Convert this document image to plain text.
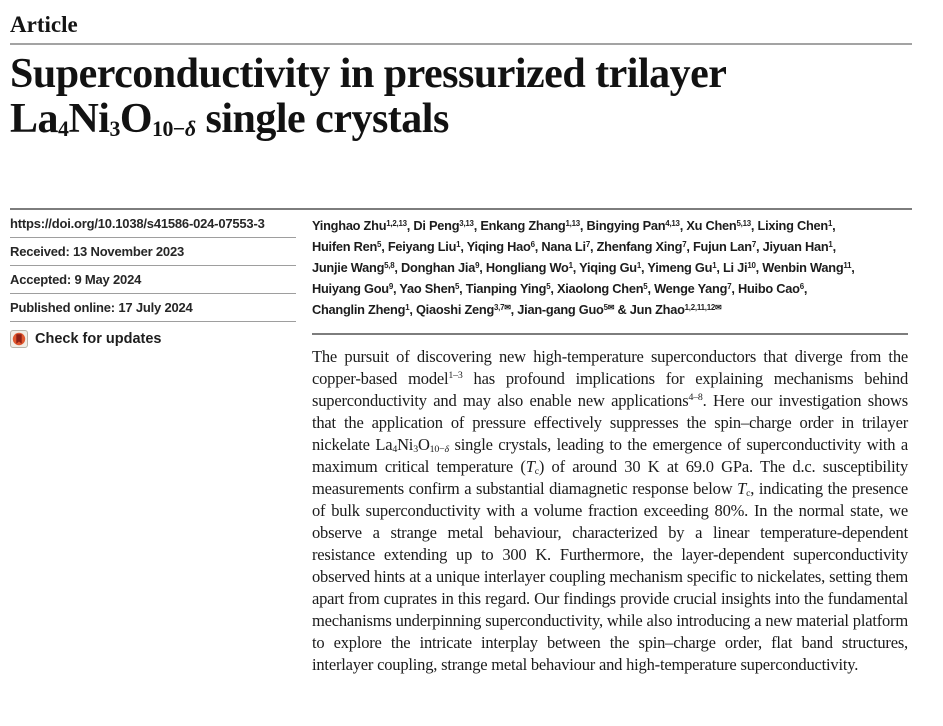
Article
Superconductivity in pressurized trilayer
$La_4Ni_3O_{10-\delta}$ single crystals
https://doi.org/10.1038/s41586-024-07553-3
Received: 13 November 2023
Accepted: 9 May 2024
Published online: 17 July 2024
Check for updates
Yinghao Zhu$^{1,2,13}$, Di Peng$^{3,13}$, Enkang Zhang$^{1,13}$, Bingying Pan$^{4,13}$, Xu Chen$^{5,13}$, Lixing Chen$^1$,
Huifen Ren$^5$, Feiyang Liu$^1$, Yiqing Hao$^6$, Nana Li$^7$, Zhenfang Xing$^7$, Fujun Lan$^7$, Jiyuan Han$^1$,
Junjie Wang$^{5,8}$, Donghan Jia$^9$, Hongliang Wo$^1$, Yiqing Gu$^1$, Yimeng Gu$^1$, Li Ji$^{10}$, Wenbin Wang$^{11}$,
Huiyang Gou$^9$, Yao Shen$^5$, Tianping Ying$^5$, Xiaolong Chen$^5$, Wenge Yang$^7$, Huibo Cao$^6$,
Changlin Zheng$^1$, Qiaoshi Zeng$^{3,7✉}$, Jian-gang Guo$^{5✉}$ & Jun Zhao$^{1,2,11,12✉}$

The pursuit of discovering new high-temperature superconductors that diverge from the copper-based model$^{1-3}$ has profound implications for explaining mechanisms behind superconductivity and may also enable new applications$^{4-8}$. Here our investigation shows that the application of pressure effectively suppresses the spin–charge order in trilayer nickelate $La_4Ni_3O_{10-\delta}$ single crystals, leading to the emergence of superconductivity with a maximum critical temperature $(T_c)$ of around 30 K at 69.0 GPa. The d.c. susceptibility measurements confirm a substantial diamagnetic response below $T_c$, indicating the presence of bulk superconductivity with a volume fraction exceeding 80%. In the normal state, we observe a strange metal behaviour, characterized by a linear temperature-dependent resistance extending up to 300 K. Furthermore, the layer-dependent superconductivity observed hints at a unique interlayer coupling mechanism specific to nickelates, setting them apart from cuprates in this regard. Our findings provide crucial insights into the fundamental mechanisms underpinning superconductivity, while also introducing a new material platform to explore the intricate interplay between the spin–charge order, flat band structures, interlayer coupling, strange metal behaviour and high-temperature superconductivity.
